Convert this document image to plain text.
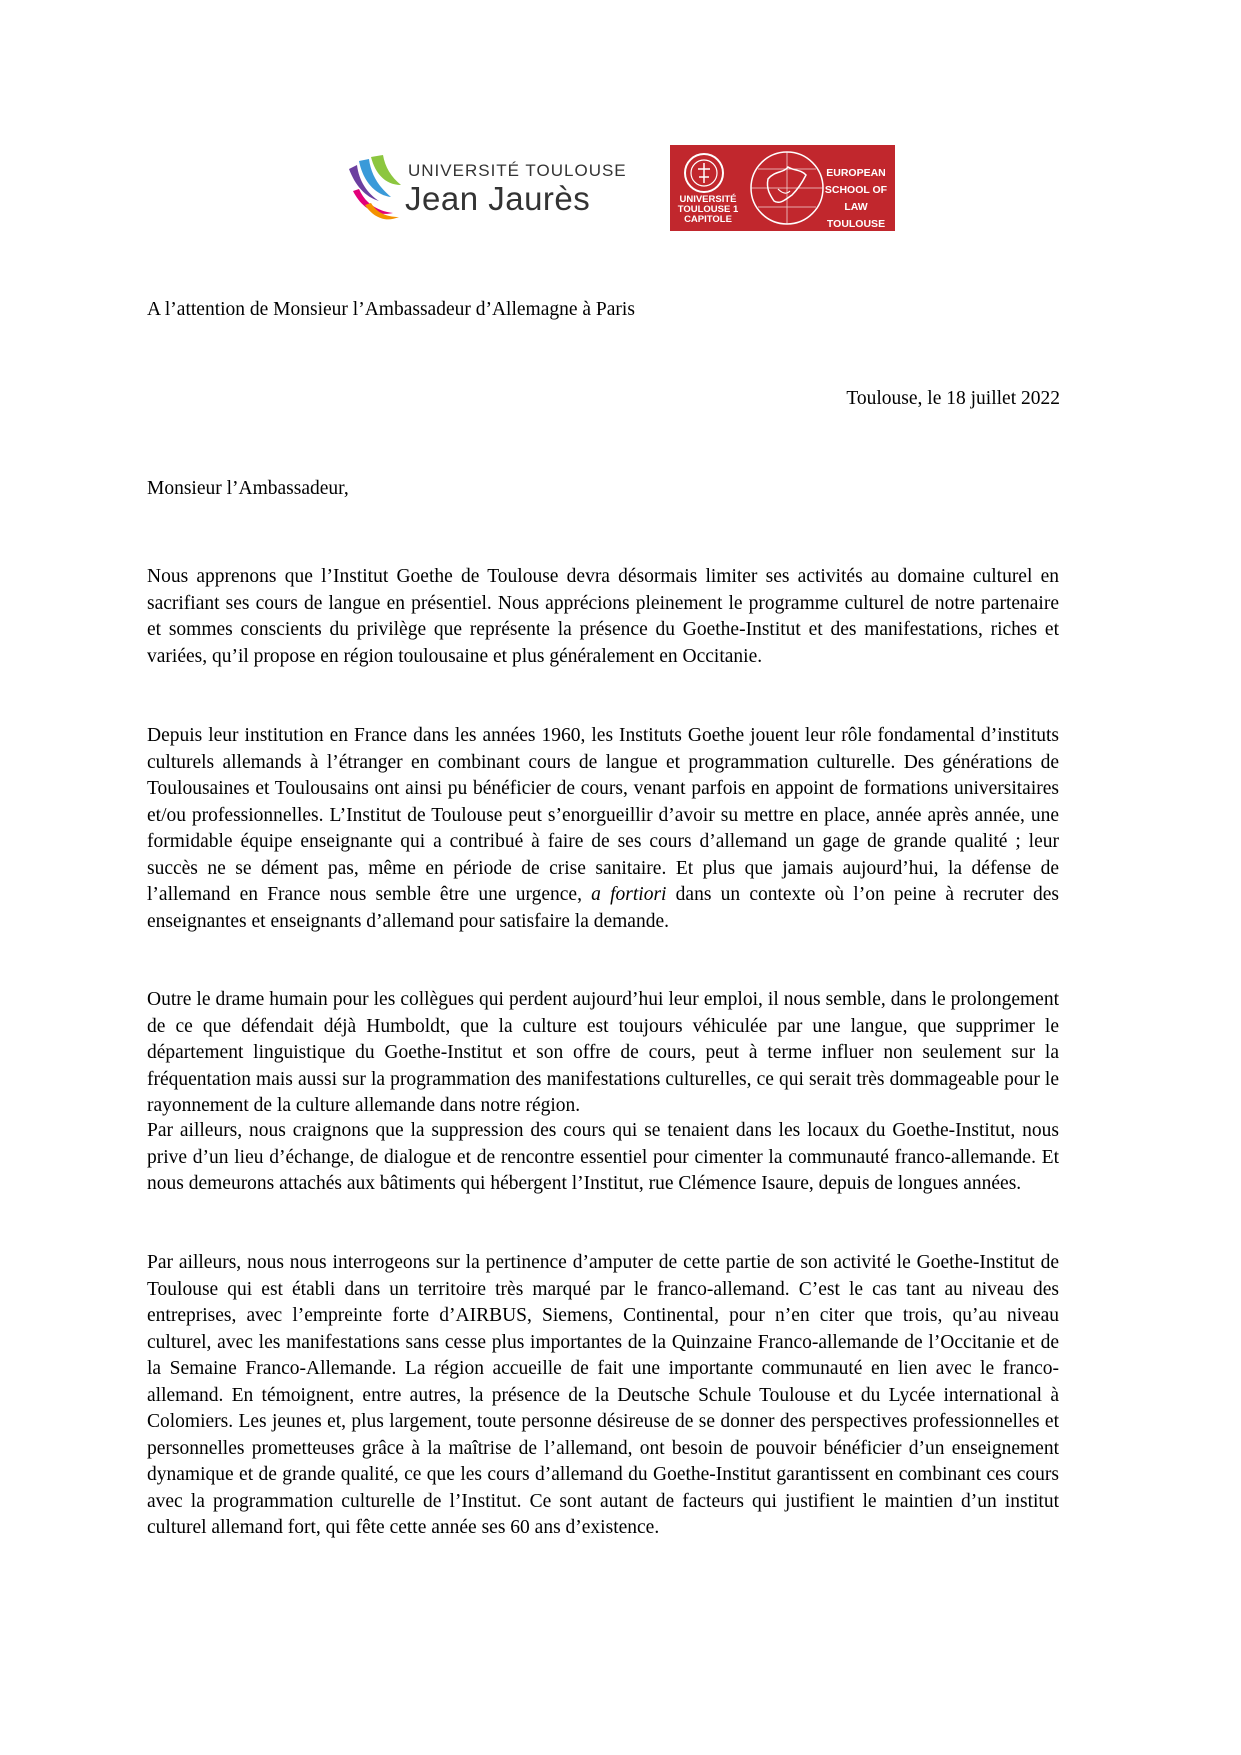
UNIVERSITÉ TOULOUSE
Jean Jaurès	UNIVERSITÉ
TOULOUSE 1
CAPITOLE
EUROPEAN
SCHOOL OF LAW
TOULOUSE
A l’attention de Monsieur l’Ambassadeur d’Allemagne à Paris
Toulouse, le 18 juillet 2022
Monsieur l’Ambassadeur,

Nous apprenons que l’Institut Goethe de Toulouse devra désormais limiter ses activités au domaine culturel en sacrifiant ses cours de langue en présentiel. Nous apprécions pleinement le programme culturel de notre partenaire et sommes conscients du privilège que représente la présence du Goethe-Institut et des manifestations, riches et variées, qu’il propose en région toulousaine et plus généralement en Occitanie.

Depuis leur institution en France dans les années 1960, les Instituts Goethe jouent leur rôle fondamental d’instituts culturels allemands à l’étranger en combinant cours de langue et programmation culturelle. Des générations de Toulousaines et Toulousains ont ainsi pu bénéficier de cours, venant parfois en appoint de formations universitaires et/ou professionnelles. L’Institut de Toulouse peut s’enorgueillir d’avoir su mettre en place, année après année, une formidable équipe enseignante qui a contribué à faire de ses cours d’allemand un gage de grande qualité ; leur succès ne se dément pas, même en période de crise sanitaire. Et plus que jamais aujourd’hui, la défense de l’allemand en France nous semble être une urgence, a fortiori dans un contexte où l’on peine à recruter des enseignantes et enseignants d’allemand pour satisfaire la demande.

Outre le drame humain pour les collègues qui perdent aujourd’hui leur emploi, il nous semble, dans le prolongement de ce que défendait déjà Humboldt, que la culture est toujours véhiculée par une langue, que supprimer le département linguistique du Goethe-Institut et son offre de cours, peut à terme influer non seulement sur la fréquentation mais aussi sur la programmation des manifestations culturelles, ce qui serait très dommageable pour le rayonnement de la culture allemande dans notre région.

Par ailleurs, nous craignons que la suppression des cours qui se tenaient dans les locaux du Goethe-Institut, nous prive d’un lieu d’échange, de dialogue et de rencontre essentiel pour cimenter la communauté franco-allemande. Et nous demeurons attachés aux bâtiments qui hébergent l’Institut, rue Clémence Isaure, depuis de longues années.

Par ailleurs, nous nous interrogeons sur la pertinence d’amputer de cette partie de son activité le Goethe-Institut de Toulouse qui est établi dans un territoire très marqué par le franco-allemand. C’est le cas tant au niveau des entreprises, avec l’empreinte forte d’AIRBUS, Siemens, Continental, pour n’en citer que trois, qu’au niveau culturel, avec les manifestations sans cesse plus importantes de la Quinzaine Franco-allemande de l’Occitanie et de la Semaine Franco-Allemande. La région accueille de fait une importante communauté en lien avec le franco-allemand. En témoignent, entre autres, la présence de la Deutsche Schule Toulouse et du Lycée international à Colomiers. Les jeunes et, plus largement, toute personne désireuse de se donner des perspectives professionnelles et personnelles prometteuses grâce à la maîtrise de l’allemand, ont besoin de pouvoir bénéficier d’un enseignement dynamique et de grande qualité, ce que les cours d’allemand du Goethe-Institut garantissent en combinant ces cours avec la programmation culturelle de l’Institut. Ce sont autant de facteurs qui justifient le maintien d’un institut culturel allemand fort, qui fête cette année ses 60 ans d’existence.
